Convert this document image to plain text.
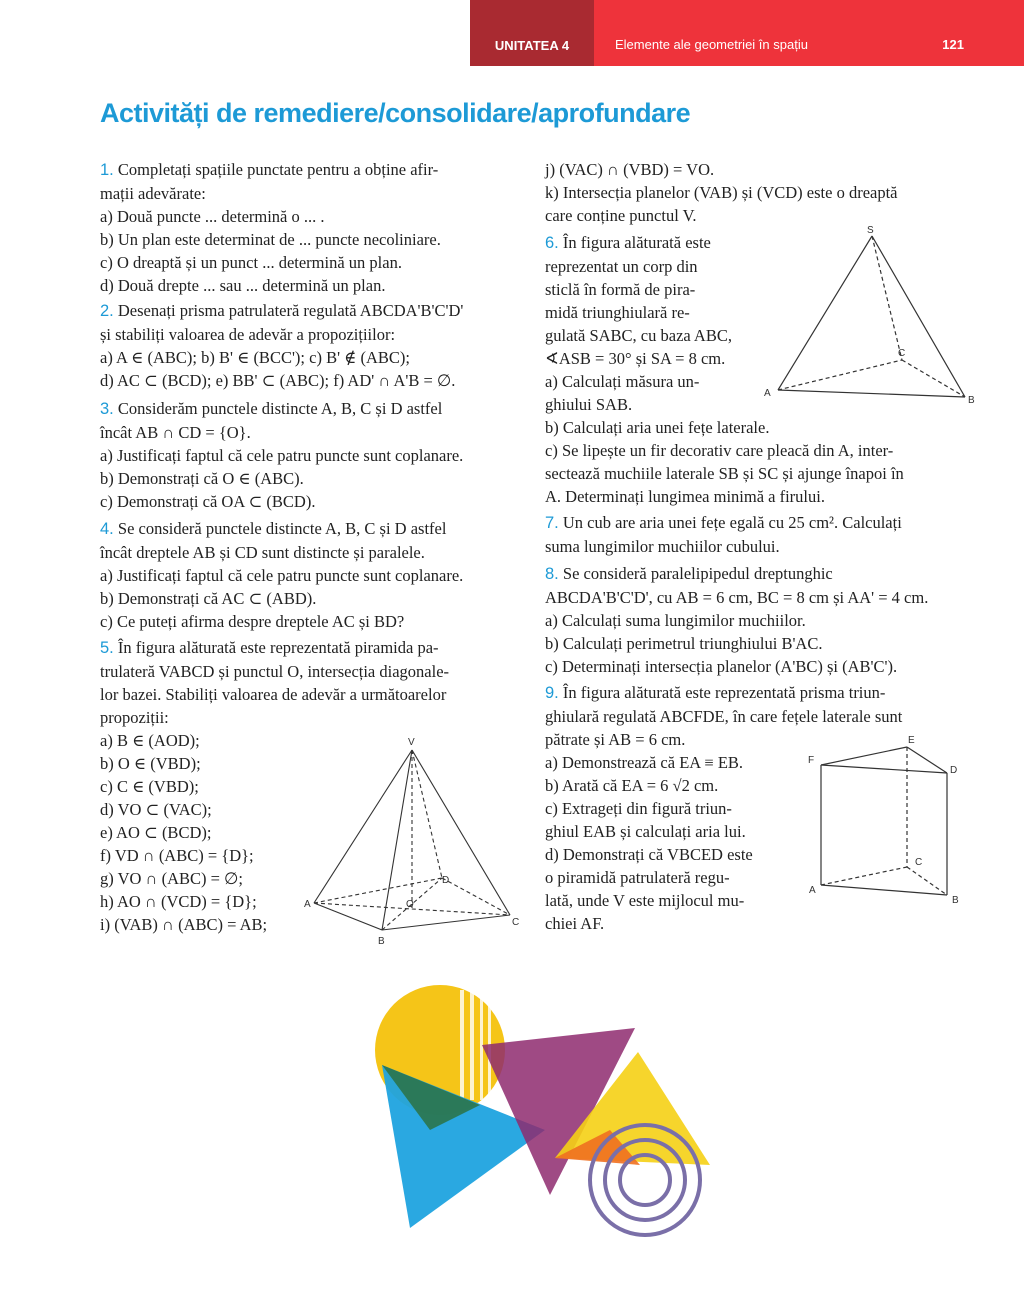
UNITATEA 4	Elemente ale geometriei în spațiu	121
Activități de remediere/consolidare/aprofundare
1. Completați spațiile punctate pentru a obține afir-
mații adevărate:
a) Două puncte ... determină o ... .
b) Un plan este determinat de ... puncte necoliniare.
c) O dreaptă și un punct ... determină un plan.
d) Două drepte ... sau ... determină un plan.
2. Desenați prisma patrulateră regulată ABCDA'B'C'D'
și stabiliți valoarea de adevăr a propozițiilor:
a) A ∈ (ABC); b) B' ∈ (BCC'); c) B' ∉ (ABC);
d) AC ⊂ (BCD); e) BB' ⊂ (ABC); f) AD' ∩ A'B = ∅.
3. Considerăm punctele distincte A, B, C și D astfel
încât AB ∩ CD = {O}.
a) Justificați faptul că cele patru puncte sunt coplanare.
b) Demonstrați că O ∈ (ABC).
c) Demonstrați că OA ⊂ (BCD).
4. Se consideră punctele distincte A, B, C și D astfel
încât dreptele AB și CD sunt distincte și paralele.
a) Justificați faptul că cele patru puncte sunt coplanare.
b) Demonstrați că AC ⊂ (ABD).
c) Ce puteți afirma despre dreptele AC și BD?
5. În figura alăturată este reprezentată piramida pa-
trulateră VABCD și punctul O, intersecția diagonale-
lor bazei. Stabiliți valoarea de adevăr a următoarelor
propoziții:
a) B ∈ (AOD);
b) O ∈ (VBD);
c) C ∈ (VBD);
d) VO ⊂ (VAC);
e) AO ⊂ (BCD);
f) VD ∩ (ABC) = {D};
g) VO ∩ (ABC) = ∅;
h) AO ∩ (VCD) = {D};
i) (VAB) ∩ (ABC) = AB;
j) (VAC) ∩ (VBD) = VO.
k) Intersecția planelor (VAB) și (VCD) este o dreaptă
care conține punctul V.
6. În figura alăturată este
reprezentat un corp din
sticlă în formă de pira-
midă triunghiulară re-
gulată SABC, cu baza ABC,
∢ASB = 30° și SA = 8 cm.
a) Calculați măsura un-
ghiului SAB.
b) Calculați aria unei fețe laterale.
c) Se lipește un fir decorativ care pleacă din A, inter-
sectează muchiile laterale SB și SC și ajunge înapoi în
A. Determinați lungimea minimă a firului.
7. Un cub are aria unei fețe egală cu 25 cm². Calculați
suma lungimilor muchiilor cubului.
8. Se consideră paralelipipedul dreptunghic
ABCDA'B'C'D', cu AB = 6 cm, BC = 8 cm și AA' = 4 cm.
a) Calculați suma lungimilor muchiilor.
b) Calculați perimetrul triunghiului B'AC.
c) Determinați intersecția planelor (A'BC) și (AB'C').
9. În figura alăturată este reprezentată prisma triun-
ghiulară regulată ABCFDE, în care fețele laterale sunt
pătrate și AB = 6 cm.
a) Demonstrează că EA ≡ EB.
b) Arată că EA = 6 √2 cm.
c) Extrageți din figură triun-
ghiul EAB și calculați aria lui.
d) Demonstrați că VBCED este
o piramidă patrulateră regu-
lată, unde V este mijlocul mu-
chiei AF.
S
A
B
C
V
A
B
C
D
O
E
F
D
A
B
C
